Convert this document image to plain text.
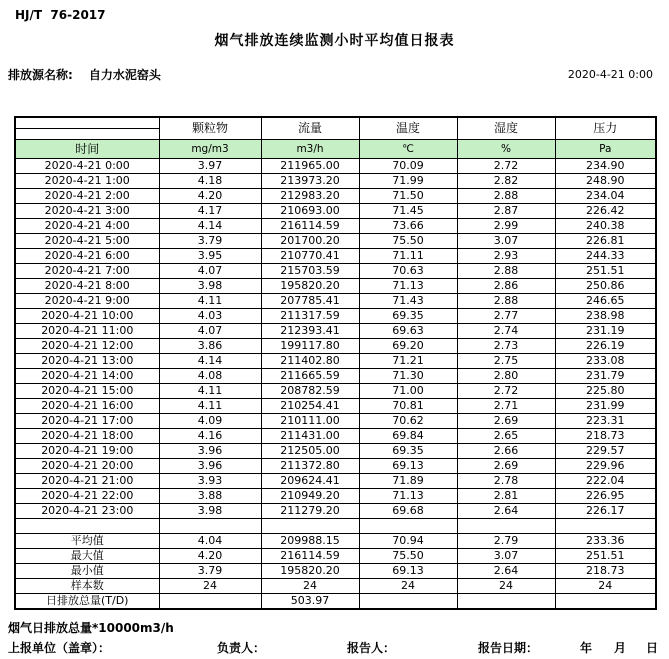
HJ/T  76-2017
烟气排放连续监测小时平均值日报表
排放源名称: 自力水泥窑头	2020-4-21 0:00
	颗粒物	流量	温度	湿度	压力

时间	mg/m3	m3/h	℃	%	Pa
2020-4-21 0:00	3.97	211965.00	70.09	2.72	234.90
2020-4-21 1:00	4.18	213973.20	71.99	2.82	248.90
2020-4-21 2:00	4.20	212983.20	71.50	2.88	234.04
2020-4-21 3:00	4.17	210693.00	71.45	2.87	226.42
2020-4-21 4:00	4.14	216114.59	73.66	2.99	240.38
2020-4-21 5:00	3.79	201700.20	75.50	3.07	226.81
2020-4-21 6:00	3.95	210770.41	71.11	2.93	244.33
2020-4-21 7:00	4.07	215703.59	70.63	2.88	251.51
2020-4-21 8:00	3.98	195820.20	71.13	2.86	250.86
2020-4-21 9:00	4.11	207785.41	71.43	2.88	246.65
2020-4-21 10:00	4.03	211317.59	69.35	2.77	238.98
2020-4-21 11:00	4.07	212393.41	69.63	2.74	231.19
2020-4-21 12:00	3.86	199117.80	69.20	2.73	226.19
2020-4-21 13:00	4.14	211402.80	71.21	2.75	233.08
2020-4-21 14:00	4.08	211665.59	71.30	2.80	231.79
2020-4-21 15:00	4.11	208782.59	71.00	2.72	225.80
2020-4-21 16:00	4.11	210254.41	70.81	2.71	231.99
2020-4-21 17:00	4.09	210111.00	70.62	2.69	223.31
2020-4-21 18:00	4.16	211431.00	69.84	2.65	218.73
2020-4-21 19:00	3.96	212505.00	69.35	2.66	229.57
2020-4-21 20:00	3.96	211372.80	69.13	2.69	229.96
2020-4-21 21:00	3.93	209624.41	71.89	2.78	222.04
2020-4-21 22:00	3.88	210949.20	71.13	2.81	226.95
2020-4-21 23:00	3.98	211279.20	69.68	2.64	226.17

平均值	4.04	209988.15	70.94	2.79	233.36
最大值	4.20	216114.59	75.50	3.07	251.51
最小值	3.79	195820.20	69.13	2.64	218.73
样本数	24	24	24	24	24
日排放总量(T/D)		503.97			
烟气日排放总量*10000m3/h
上报单位（盖章）：	负责人：	报告人：	报告日期：	年 月 日
